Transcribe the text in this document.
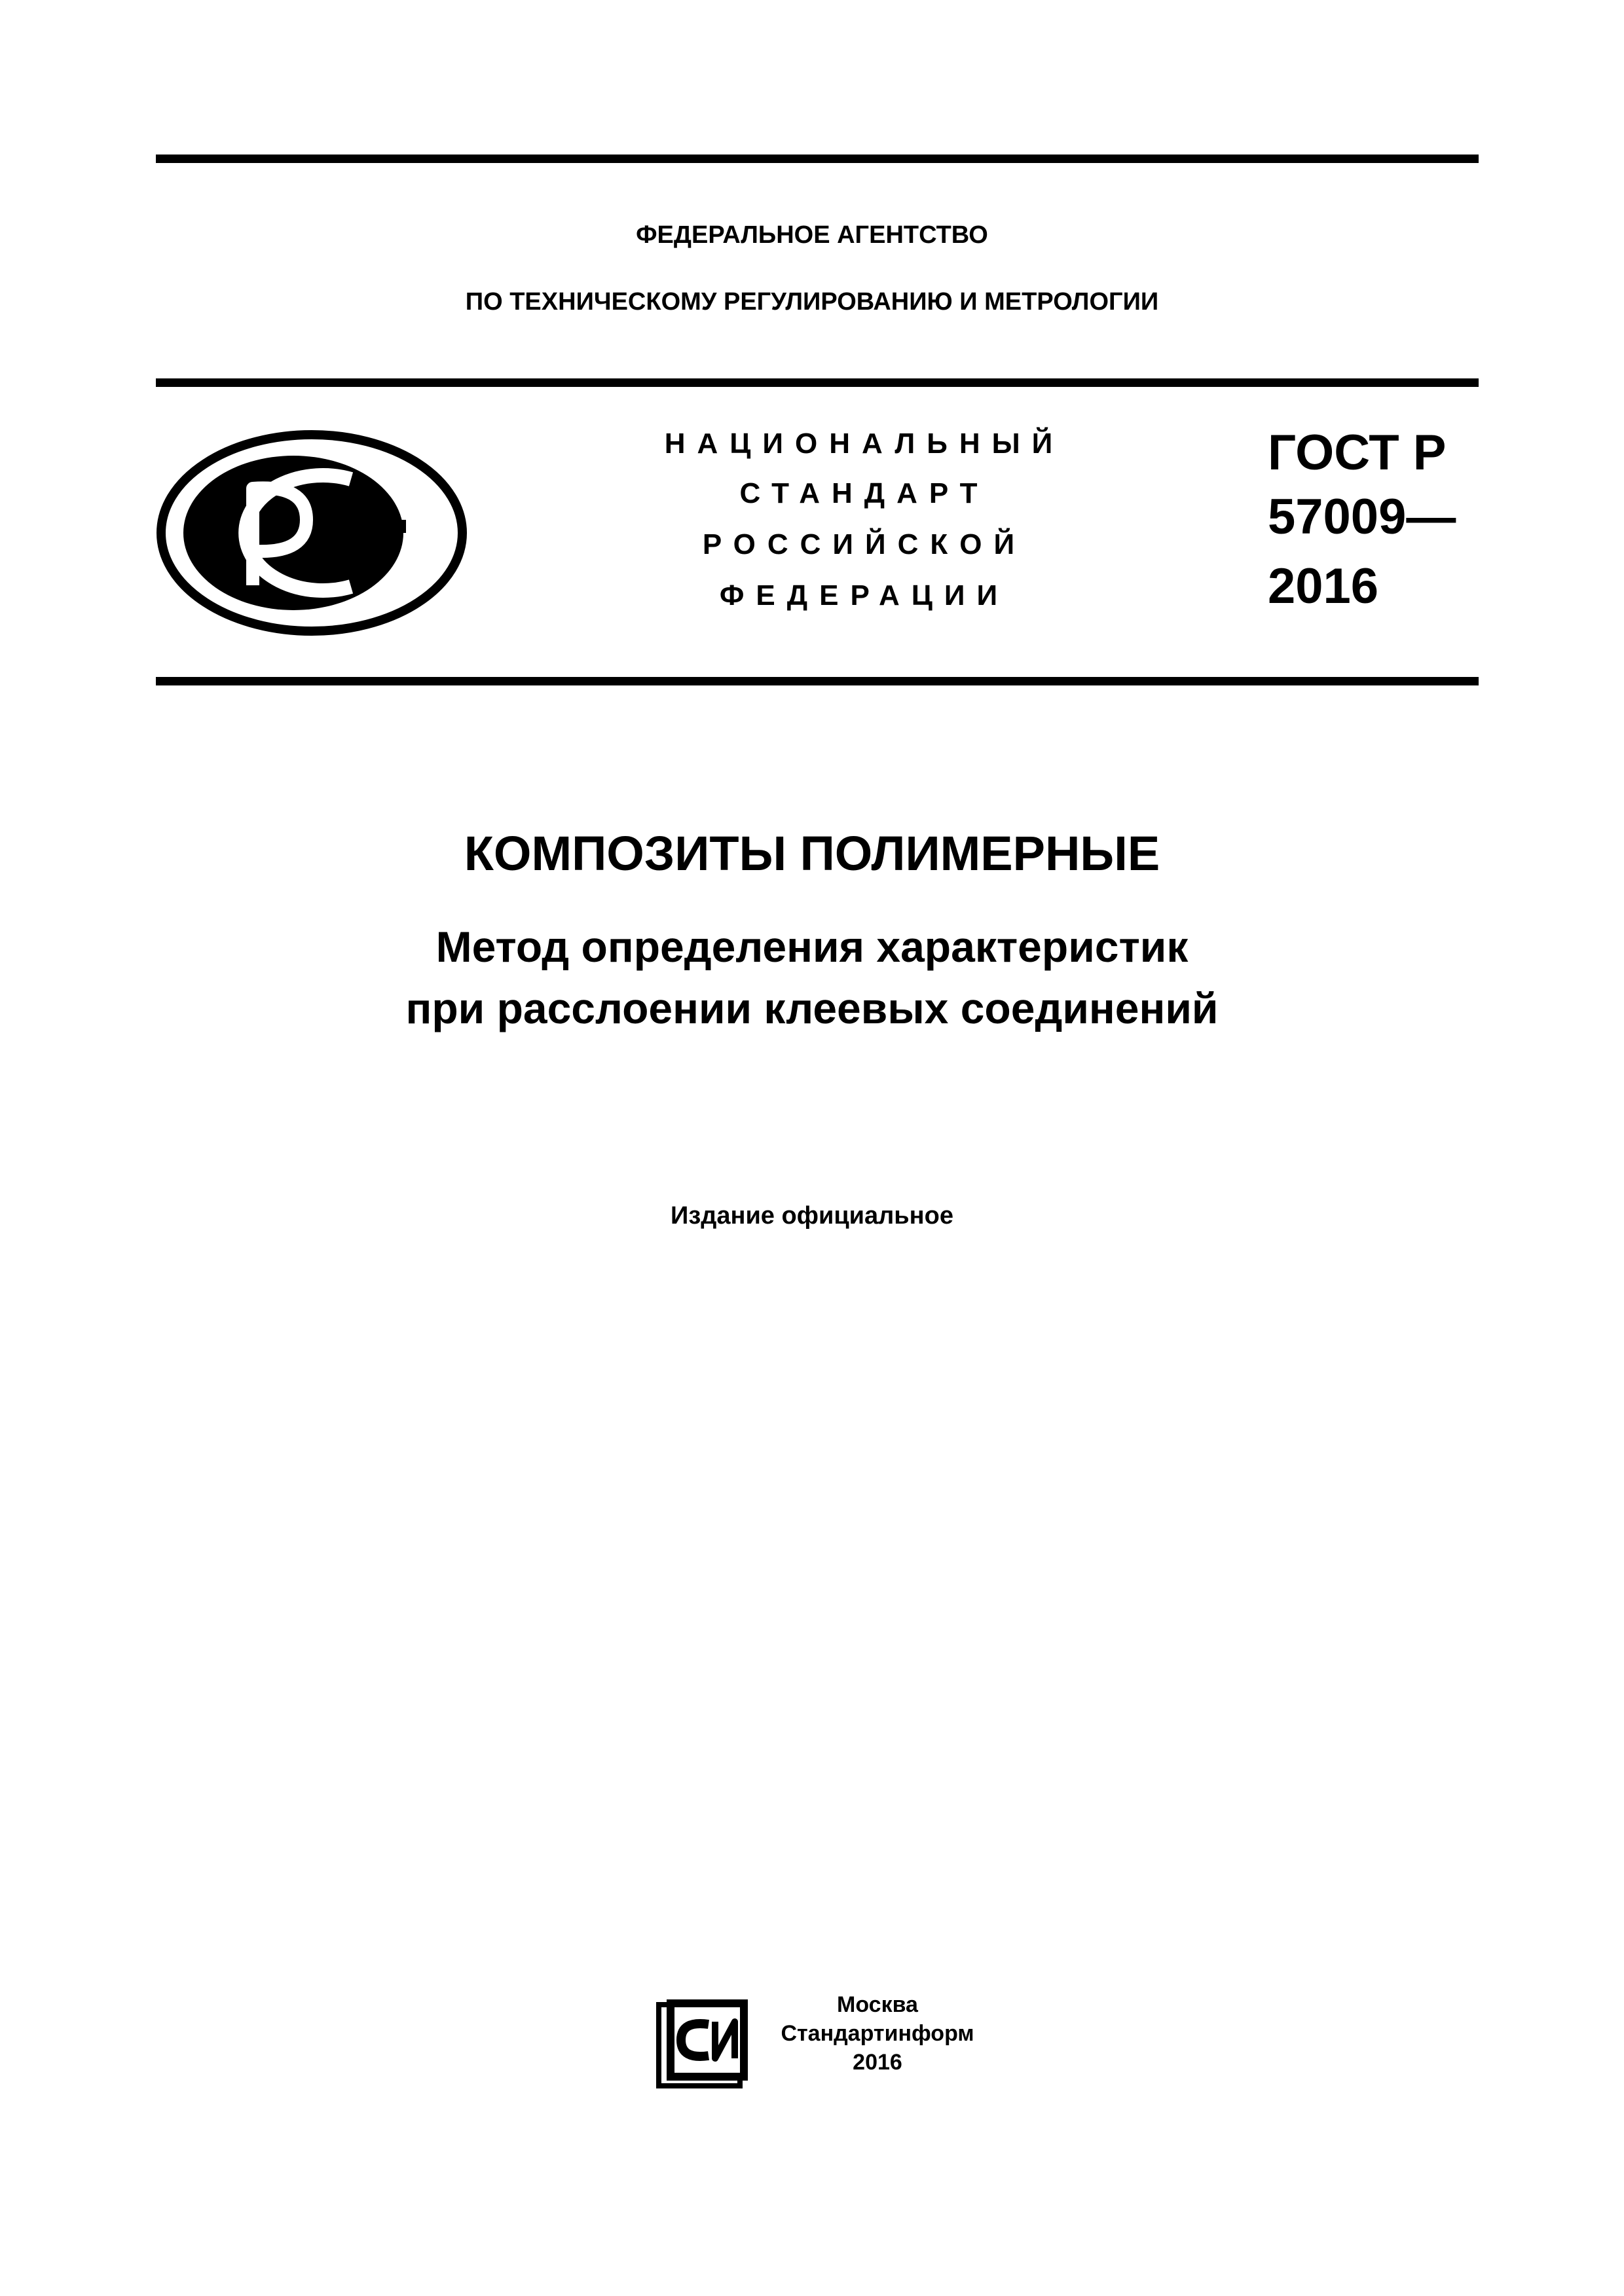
ФЕДЕРАЛЬНОЕ АГЕНТСТВО
ПО ТЕХНИЧЕСКОМУ РЕГУЛИРОВАНИЮ И МЕТРОЛОГИИ
НАЦИОНАЛЬНЫЙ
СТАНДАРТ
РОССИЙСКОЙ
ФЕДЕРАЦИИ
ГОСТ Р
57009—
2016
КОМПОЗИТЫ ПОЛИМЕРНЫЕ
Метод определения характеристик
при расслоении клеевых соединений
Издание официальное
Москва
Стандартинформ
2016
